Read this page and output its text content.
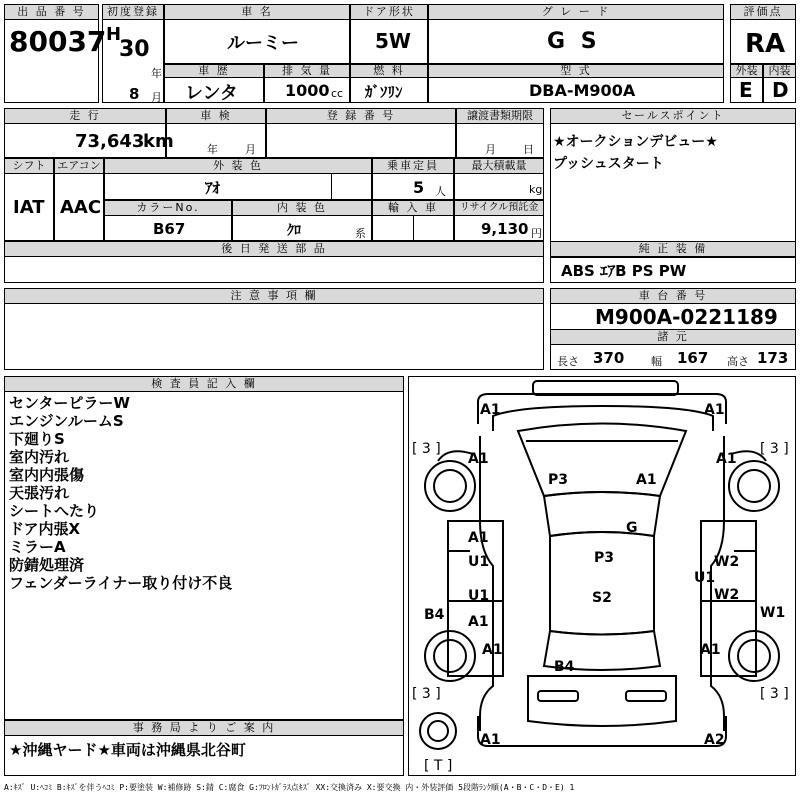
出 品 番 号
80037
初度登録
H
30
年
8 月
車 名
ルーミー
ドア形状
5W
グ レ ー ド
G S
評価点
RA
車 歴
レンタ
排 気 量
1000 cc
燃 料
ｶﾞｿﾘﾝ
型 式
DBA-M900A
外装
E
内装
D
走 行
73,643
km
車 検
年 月
登 録 番 号	譲渡書類期限
月 日
シフト
IAT
エアコン
AAC
外 装 色
ｱｵ
乗車定員
5 人
最大積載量
kg
カラーNo.
B67
内 装 色
ｸﾛ	系
輸 入 車	リサイクル預託金
9,130 円
後 日 発 送 部 品
セールスポイント
★オークションデビュー★
プッシュスタート
純 正 装 備
ABS ｴｱB PS PW
注 意 事 項 欄	車 台 番 号
M900A-0221189
諸 元
長さ 370 幅 167 高さ 173
検 査 員 記 入 欄
センターピラーW
エンジンルームS
下廻りS
室内汚れ
室内内張傷
天張汚れ
シートへたり
ドア内張X
ミラーA
防錆処理済
フェンダーライナー取り付け不良
事 務 局 よ り ご 案 内
★沖縄ヤード★車両は沖縄県北谷町
A1	A1
[ 3 ]	[ 3 ]
A1	A1
P3	A1
G
A1
U1	P3	W2
U1
U1
A1
B4
W2
W1
S2
A1	A1
B4
[ 3 ]	[ 3 ]
A1	A2
[ T ]
A:ｷｽﾞ U:ﾍｺﾐ B:ｷｽﾞを伴うﾍｺﾐ P:要塗装 W:補修跡 S:錆 C:腐食 G:ﾌﾛﾝﾄｶﾞﾗｽ点ｷｽﾞ XX:交換済み X:要交換 内・外装評価 5段階ﾗﾝｸ順(A・B・C・D・E) 1
